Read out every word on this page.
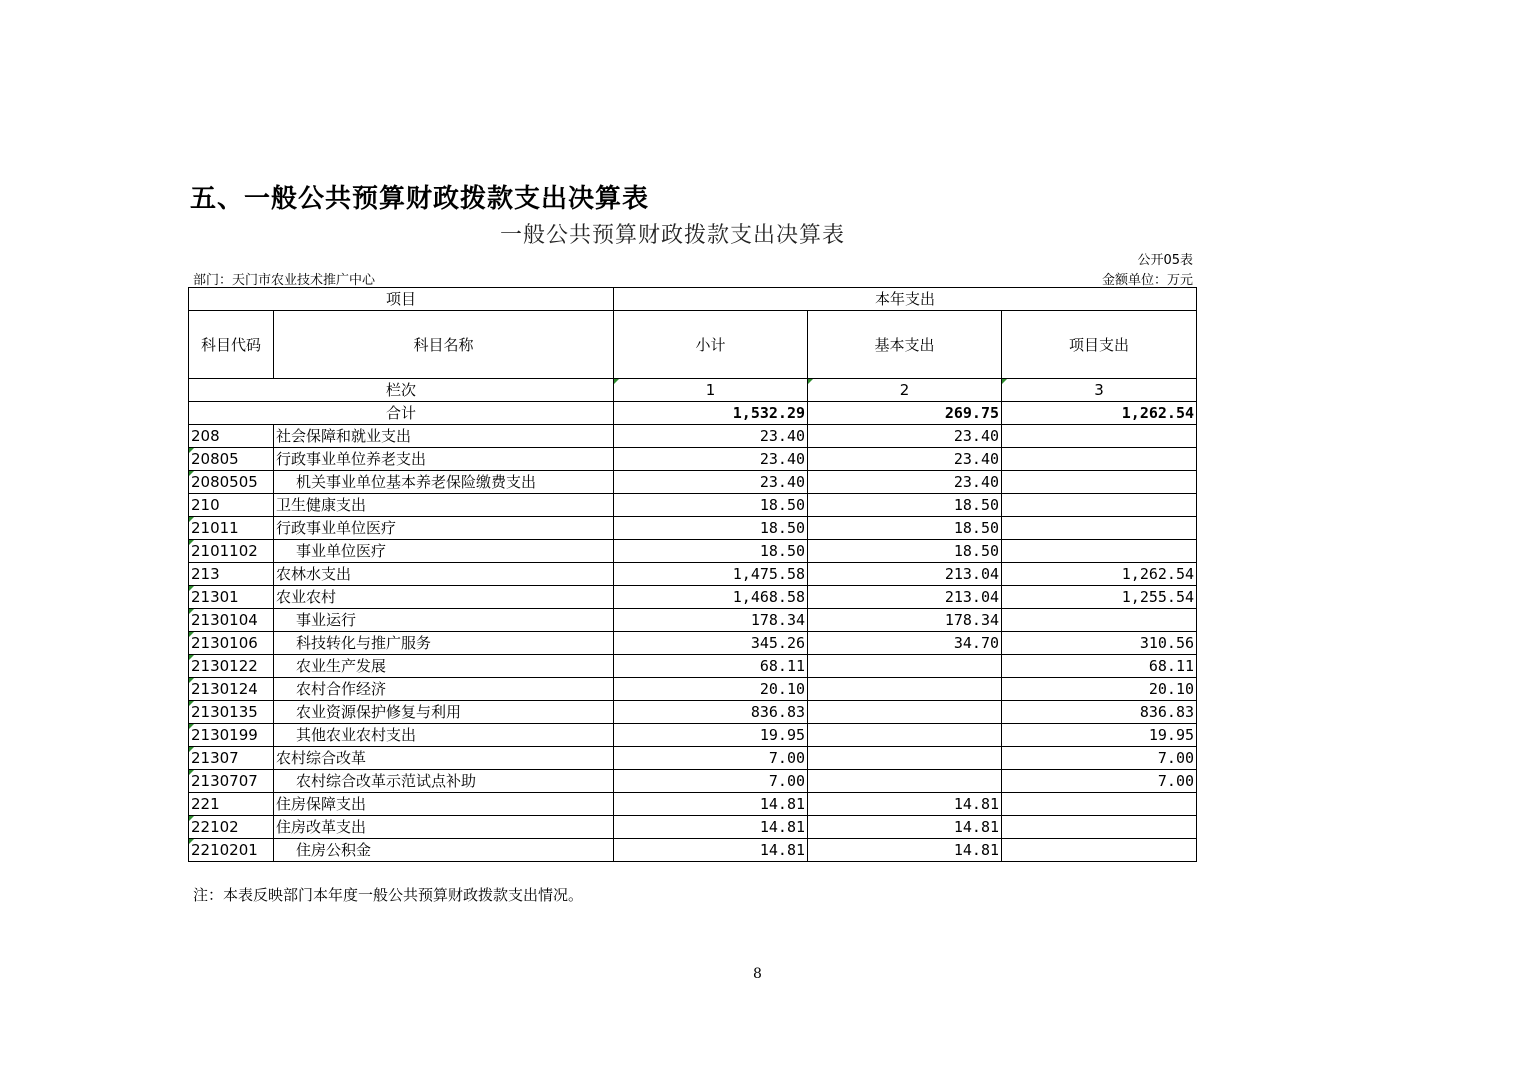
五、一般公共预算财政拨款支出决算表
一般公共预算财政拨款支出决算表
公开05表
部门：天门市农业技术推广中心	金额单位：万元
项目		本年支出		
科目代码	科目名称	小计	基本支出	项目支出
栏次		1	2	3
合计		1,532.29	269.75	1,262.54
208	社会保障和就业支出	23.40	23.40	
20805	行政事业单位养老支出	23.40	23.40	
2080505	机关事业单位基本养老保险缴费支出	23.40	23.40	
210	卫生健康支出	18.50	18.50	
21011	行政事业单位医疗	18.50	18.50	
2101102	事业单位医疗	18.50	18.50	
213	农林水支出	1,475.58	213.04	1,262.54
21301	农业农村	1,468.58	213.04	1,255.54
2130104	事业运行	178.34	178.34	
2130106	科技转化与推广服务	345.26	34.70	310.56
2130122	农业生产发展	68.11		68.11
2130124	农村合作经济	20.10		20.10
2130135	农业资源保护修复与利用	836.83		836.83
2130199	其他农业农村支出	19.95		19.95
21307	农村综合改革	7.00		7.00
2130707	农村综合改革示范试点补助	7.00		7.00
221	住房保障支出	14.81	14.81	
22102	住房改革支出	14.81	14.81	
2210201	住房公积金	14.81	14.81	
注：本表反映部门本年度一般公共预算财政拨款支出情况。
8
